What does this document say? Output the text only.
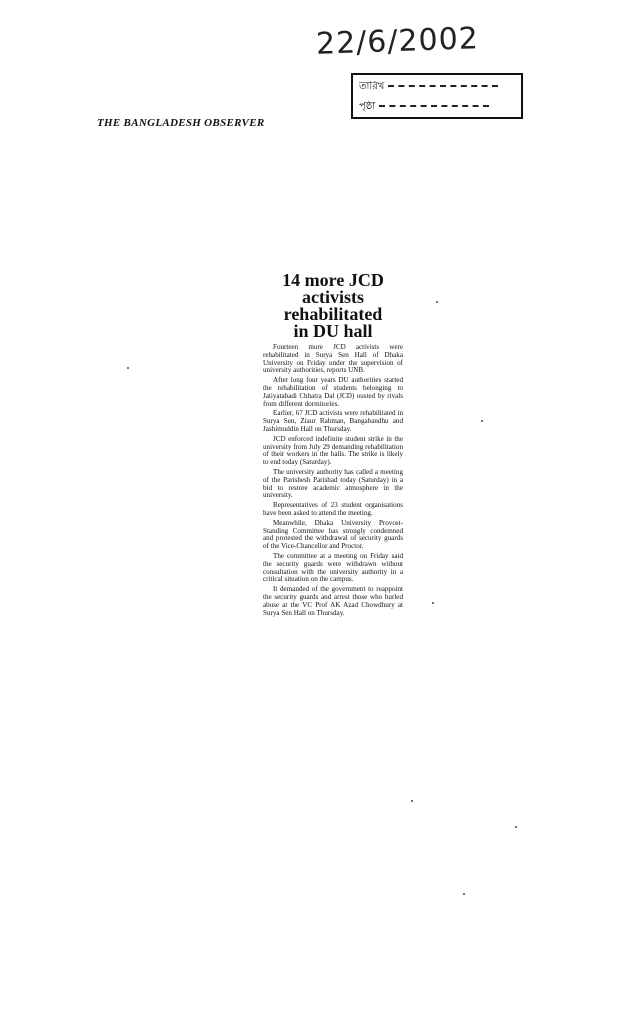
22/6/2002
তারিখ
পৃষ্ঠা
THE BANGLADESH OBSERVER
14 more JCD
activists
rehabilitated
in DU hall

Fourteen more JCD activists were rehabilitated in Surya Sen Hall of Dhaka University on Friday under the supervision of university authorities, reports UNB.

After long four years DU authorities started the rehabilitation of students belonging to Jatiyatabadi Chhatra Dal (JCD) ousted by rivals from different dormitories.

Earlier, 67 JCD activists were rehabilitated in Surya Sen, Ziaur Rahman, Bangabandhu and Jashimuddin Hall on Thursday.

JCD enforced indefinite student strike in the university from July 29 demanding rehabilitation of their workers in the halls. The strike is likely to end today (Saturday).

The university authority has called a meeting of the Parishesh Parishad today (Saturday) in a bid to restore academic atmosphere in the university.

Representatives of 23 student organisations have been asked to attend the meeting.

Meanwhile, Dhaka University Provost-Standing Committee has strongly condemned and protested the withdrawal of security guards of the Vice-Chancellor and Proctor.

The committee at a meeting on Friday said the security guards were withdrawn without consultation with the university authority in a critical situation on the campus.

It demanded of the government to reappoint the security guards and arrest those who hurled abuse at the VC Prof AK Azad Chowdhury at Surya Sen Hall on Thursday.
